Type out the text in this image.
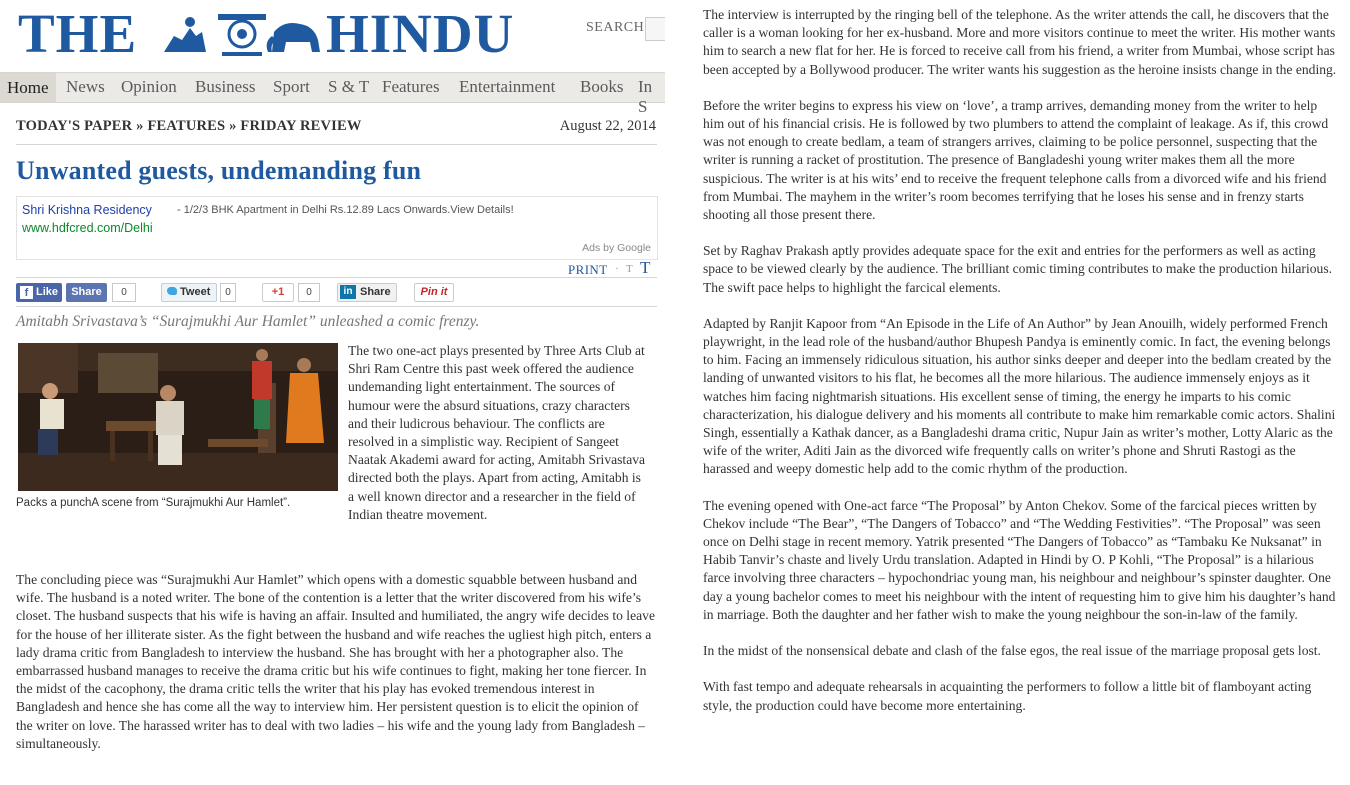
THE	HINDU	SEARCH
Home	News Opinion Business Sport S & T Features Entertainment Books In S
TODAY'S PAPER » FEATURES » FRIDAY REVIEW	August 22, 2014
Unwanted guests, undemanding fun
Shri Krishna Residency - 1/2/3 BHK Apartment in Delhi Rs.12.89 Lacs Onwards.View Details!
www.hdfcred.com/Delhi
Ads by Google
PRINT · T T
f Like	Share	0	Tweet	0	+1	0	in Share	Pin it
Amitabh Srivastava’s “Surajmukhi Aur Hamlet” unleashed a comic frenzy.
Packs a punchA scene from “Surajmukhi Aur Hamlet”.

The two one-act plays presented by Three Arts Club at Shri Ram Centre this past week offered the audience undemanding light entertainment. The sources of humour were the absurd situations, crazy characters and their ludicrous behaviour. The conflicts are resolved in a simplistic way. Recipient of Sangeet Naatak Akademi award for acting, Amitabh Srivastava directed both the plays. Apart from acting, Amitabh is a well known director and a researcher in the field of Indian theatre movement.

The concluding piece was “Surajmukhi Aur Hamlet” which opens with a domestic squabble between husband and wife. The husband is a noted writer. The bone of the contention is a letter that the writer discovered from his wife’s closet. The husband suspects that his wife is having an affair. Insulted and humiliated, the angry wife decides to leave for the house of her illiterate sister. As the fight between the husband and wife reaches the ugliest high pitch, enters a lady drama critic from Bangladesh to interview the husband. She has brought with her a photographer also. The embarrassed husband manages to receive the drama critic but his wife continues to fight, making her tone fiercer. In the midst of the cacophony, the drama critic tells the writer that his play has evoked tremendous interest in Bangladesh and hence she has come all the way to interview him. Her persistent question is to elicit the opinion of the writer on love. The harassed writer has to deal with two ladies – his wife and the young lady from Bangladesh – simultaneously.

The interview is interrupted by the ringing bell of the telephone. As the writer attends the call, he discovers that the caller is a woman looking for her ex-husband. More and more visitors continue to meet the writer. His mother wants him to search a new flat for her. He is forced to receive call from his friend, a writer from Mumbai, whose script has been accepted by a Bollywood producer. The writer wants his suggestion as the heroine insists change in the ending.

Before the writer begins to express his view on ‘love’, a tramp arrives, demanding money from the writer to help him out of his financial crisis. He is followed by two plumbers to attend the complaint of leakage. As if, this crowd was not enough to create bedlam, a team of strangers arrives, claiming to be police personnel, suspecting that the writer is running a racket of prostitution. The presence of Bangladeshi young writer makes them all the more suspicious. The writer is at his wits’ end to receive the frequent telephone calls from a divorced wife and his friend from Mumbai. The mayhem in the writer’s room becomes terrifying that he loses his sense and in frenzy starts shooting all those present there.

Set by Raghav Prakash aptly provides adequate space for the exit and entries for the performers as well as acting space to be viewed clearly by the audience. The brilliant comic timing contributes to make the production hilarious. The swift pace helps to highlight the farcical elements.

Adapted by Ranjit Kapoor from “An Episode in the Life of An Author” by Jean Anouilh, widely performed French playwright, in the lead role of the husband/author Bhupesh Pandya is eminently comic. In fact, the evening belongs to him. Facing an immensely ridiculous situation, his author sinks deeper and deeper into the bedlam created by the landing of unwanted visitors to his flat, he becomes all the more hilarious. The audience immensely enjoys as it watches him facing nightmarish situations. His excellent sense of timing, the energy he imparts to his comic characterization, his dialogue delivery and his moments all contribute to make him remarkable comic actors. Shalini Singh, essentially a Kathak dancer, as a Bangladeshi drama critic, Nupur Jain as writer’s mother, Lotty Alaric as the wife of the writer, Aditi Jain as the divorced wife frequently calls on writer’s phone and Shruti Rastogi as the harassed and weepy domestic help add to the comic rhythm of the production.

The evening opened with One-act farce “The Proposal” by Anton Chekov. Some of the farcical pieces written by Chekov include “The Bear”, “The Dangers of Tobacco” and “The Wedding Festivities”. “The Proposal” was seen once on Delhi stage in recent memory. Yatrik presented “The Dangers of Tobacco” as “Tambaku Ke Nuksanat” in Habib Tanvir’s chaste and lively Urdu translation. Adapted in Hindi by O. P Kohli, “The Proposal” is a hilarious farce involving three characters – hypochondriac young man, his neighbour and neighbour’s spinster daughter. One day a young bachelor comes to meet his neighbour with the intent of requesting him to give him his daughter’s hand in marriage. Both the daughter and her father wish to make the young neighbour the son-in-law of the family.

In the midst of the nonsensical debate and clash of the false egos, the real issue of the marriage proposal gets lost.

With fast tempo and adequate rehearsals in acquainting the performers to follow a little bit of flamboyant acting style, the production could have become more entertaining.
